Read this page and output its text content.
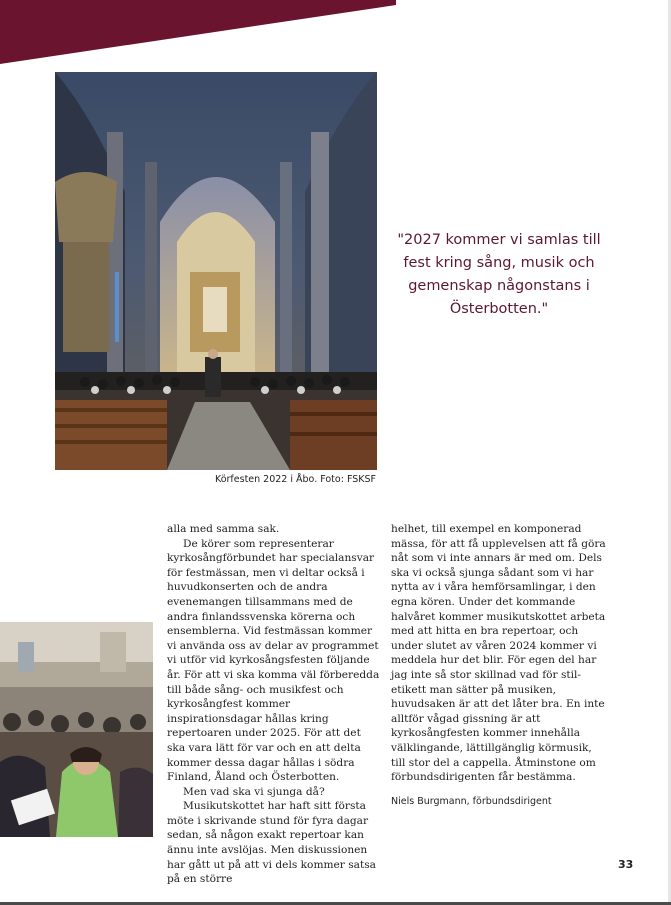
Körfesten 2022 i Åbo. Foto: FSKSF
"2027 kommer vi samlas till fest kring sång, musik och gemenskap någonstans i Österbotten."

alla med samma sak.

De körer som representerar kyrkosångförbundet har specialansvar för festmässan, men vi deltar också i huvudkonserten och de andra evenemangen tillsammans med de andra finlandssvenska körerna och ensemblerna. Vid festmässan kommer vi använda oss av delar av programmet vi utför vid kyrkosångsfesten följande år. För att vi ska komma väl förberedda till både sång- och musikfest och kyrkosångfest kommer inspirationsdagar hållas kring repertoaren under 2025. För att det ska vara lätt för var och en att delta kommer dessa dagar hållas i södra Finland, Åland och Österbotten.

Men vad ska vi sjunga då?

Musikutskottet har haft sitt första möte i skrivande stund för fyra dagar sedan, så någon exakt repertoar kan ännu inte avslöjas. Men diskussionen har gått ut på att vi dels kommer satsa på en större

helhet, till exempel en komponerad mässa, för att få upplevelsen att få göra nåt som vi inte annars är med om. Dels ska vi också sjunga sådant som vi har nytta av i våra hemförsamlingar, i den egna kören. Under det kommande halvåret kommer musikutskottet arbeta med att hitta en bra repertoar, och under slutet av våren 2024 kommer vi meddela hur det blir. För egen del har jag inte så stor skillnad vad för stil-etikett man sätter på musiken, huvudsaken är att det låter bra. En inte alltför vågad gissning är att kyrkosångfesten kommer innehålla välklingande, lättillgänglig körmusik, till stor del a cappella. Åtminstone om förbundsdirigenten får bestämma.

Niels Burgmann, förbundsdirigent

33
